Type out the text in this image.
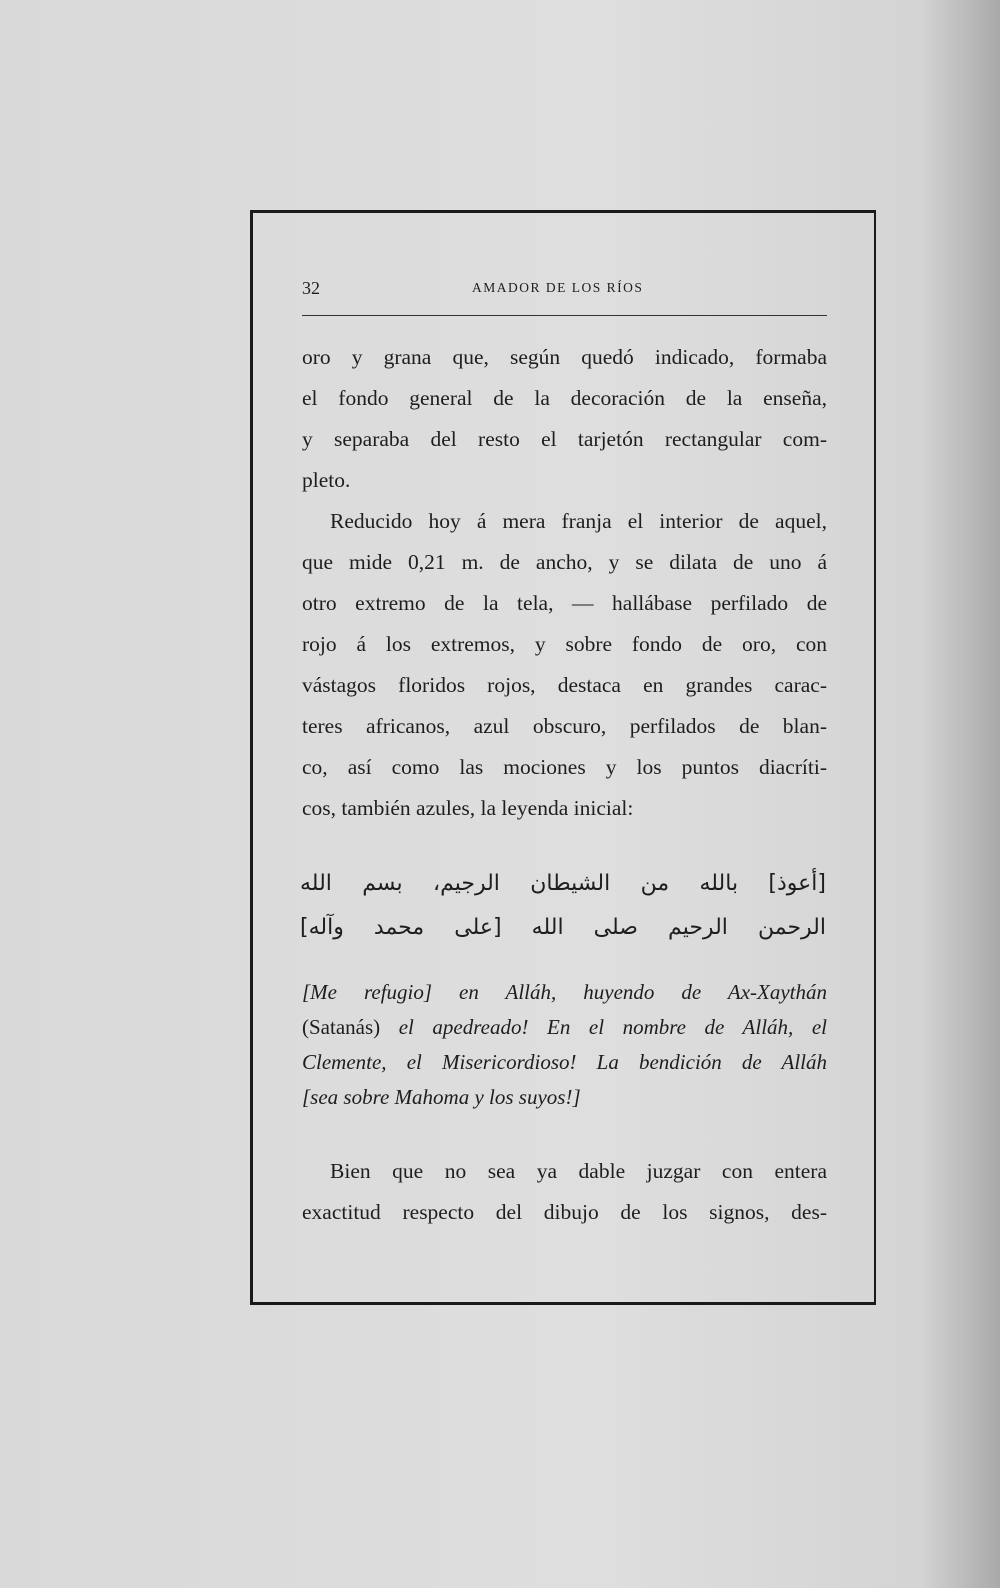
32	AMADOR DE LOS RÍOS

oro y grana que, según quedó indicado, formaba
el fondo general de la decoración de la enseña,
y separaba del resto el tarjetón rectangular com-
pleto.

Reducido hoy á mera franja el interior de aquel,
que mide 0,21 m. de ancho, y se dilata de uno á
otro extremo de la tela, — hallábase perfilado de
rojo á los extremos, y sobre fondo de oro, con
vástagos floridos rojos, destaca en grandes carac-
teres africanos, azul obscuro, perfilados de blan-
co, así como las mociones y los puntos diacríti-
cos, también azules, la leyenda inicial:

[أعوذ] بالله من الشيطان الرجيم، بسم الله
الرحمن الرحيم صلى الله [على محمد وآله]
[Me refugio] en Alláh, huyendo de Ax-Xaythán
(Satanás) el apedreado! En el nombre de Alláh, el
Clemente, el Misericordioso! La bendición de Alláh
[sea sobre Mahoma y los suyos!]
Bien que no sea ya dable juzgar con entera
exactitud respecto del dibujo de los signos, des-
